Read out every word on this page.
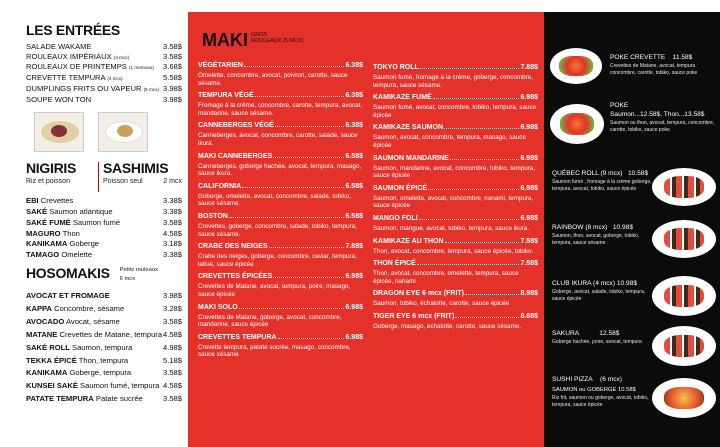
LES ENTRÉES
SALADE WAKAME	3.58$
ROULEAUX IMPÉRIAUX (4 mcx)	3.58$
ROULEAUX DE PRINTEMPS (1 morceau) 3.68$
CREVETTE TEMPURA (4 mcx)	5.58$
DUMPLINGS FRITS OU VAPEUR (5 mcx) 3.98$
SOUPE WON TON	3.98$
NIGIRIS
Riz et poisson
SASHIMIS
Poisson seul	2 mcx
EBI Crevettes	3.38$
SAKÉ Saumon atlantique	3.38$
SAKÉ FUMÉ Saumon fumé	3.58$
MAGURO Thon	4.58$
KANIKAMA Goberge	3.18$
TAMAGO Omelette	3.38$
HOSOMAKIS Petits rouleaux
6 mcx
AVOCAT ET FROMAGE	3.98$
KAPPA Concombre, sésame	3.28$
AVOCADO Avocat, sésame	3.58$
MATANE Crevettes de Matane, tempura 4.58$
SAKÉ ROLL Saumon, tempura	4.98$
TEKKA ÉPICÉ Thon, tempura	5.18$
KANIKAMA Goberge, tempura	3.58$
KUNSEI SAKÉ Saumon fumé, tempura 4.58$
PATATE TEMPURA Patate sucrée	3.58$
MAKI GROS
ROULEAUX (5 MCX)
VÉGÉTARIEN	6.38$
Omelette, concombre, avocat, poivron, carotte, sauce sésame.
TEMPURA VÉGÉ	6.38$
Fromage à la crème, concombre, carotte, tempura, avocat, mandarine, sauce sésame.
CANNEBERGES VÉGÉ	6.38$
Canneberges, avocat, concombre, carotte, salade, sauce ikura.
MAKI CANNEBERGES	6.58$
Canneberges, goberge hachée, avocat, tempura, masago, sauce ikura.
CALIFORNIA	6.58$
Goberge, omelette, avocat, concombre, salade, tobiko, sauce sésame.
BOSTON	6.58$
Crevettes, goberge, concombre, salade, tobiko, tempura, sauce sésame.
CRABE DES NEIGES	7.88$
Crabe des neiges, goberge, concombre, caviar, tempura, laitue, sauce épicée
CREVETTES ÉPICÉES	6.98$
Crevettes de Matane, avocat, tempura, poire, masago, sauce épicée
MAKI SOLO	6.98$
Crevettes de Matane, goberge, avocat, concombre, mandarine, sauce épicée
CREVETTES TEMPURA	6.98$
Crevette tempura, patate sucrée, masago, concombre, sauce sésame
TOKYO ROLL	7.88$
Saumon fumé, fromage à la crème, goberge, concombre, tempura, sauce sésame.
KAMIKAZE FUMÉ	6.98$
Saumon fumé, avocat, concombre, tobiko, tempura, sauce épicée
KAMIKAZE SAUMON	6.98$
Saumon, avocat, concombre, tempura, masago, sauce épicée
SAUMON MANDARINE	6.98$
Saumon, mandarine, avocat, concombre, tobiko, tempura, sauce épicée
SAUMON ÉPICÉ	6.98$
Saumon, omelette, avocat, concombre, nanami, tempura, sauce épicée
MANGO FOLI	6.98$
Saumon, mangue, avocat, tobiko, tempura, sauce ikura.
KAMIKAZE AU THON	7.58$
Thon, avocat, concombre, tempura, sauce épicée, tobiko.
THON ÉPICÉ	7.58$
Thon, avocat, concombre, omelette, tempura, sauce épicée, nanami
DRAGON EYE 6 mcx (FRIT)	8.98$
Saumon, tobiko, échalotte, carotte, sauce épicée
TIGER EYE 6 mcx (FRIT)	8.68$
Goberge, masago, échalotte, carotte, sauce sésame.
POKE CREVETTE 11.58$
Crevettes de Matane, avocat, tempura concombre, carotte, tobiko, sauce poke
POKE
Saumon...12.58$, Thon...13.58$
Saumon ou thon, avocat, tempura, concombre, carotte, tobiko, sauce poke
QUÉBEC ROLL (9 mcx) 10.58$
Saumon fumé , fromage à la crème goberge, tempura, avocat, tobiko, sauce épicée
RAINBOW (8 mcx) 10.98$
Saumon, thon, avocat, goberge, tobiko, tempura, sauce sésame
CLUB IKURA (4 mcx) 10.98$
Goberge, avocat, salade, tobiko, tempura, sauce épicée
SAKURA	12.58$
Goberge hachée, poire, avocat, tempura
SUSHI PIZZA (6 mcx)
SAUMON ou GOBERGE 10.58$
Riz frit, saumon ou goberge, avocat, tobiko, tempura, sauce épicée
